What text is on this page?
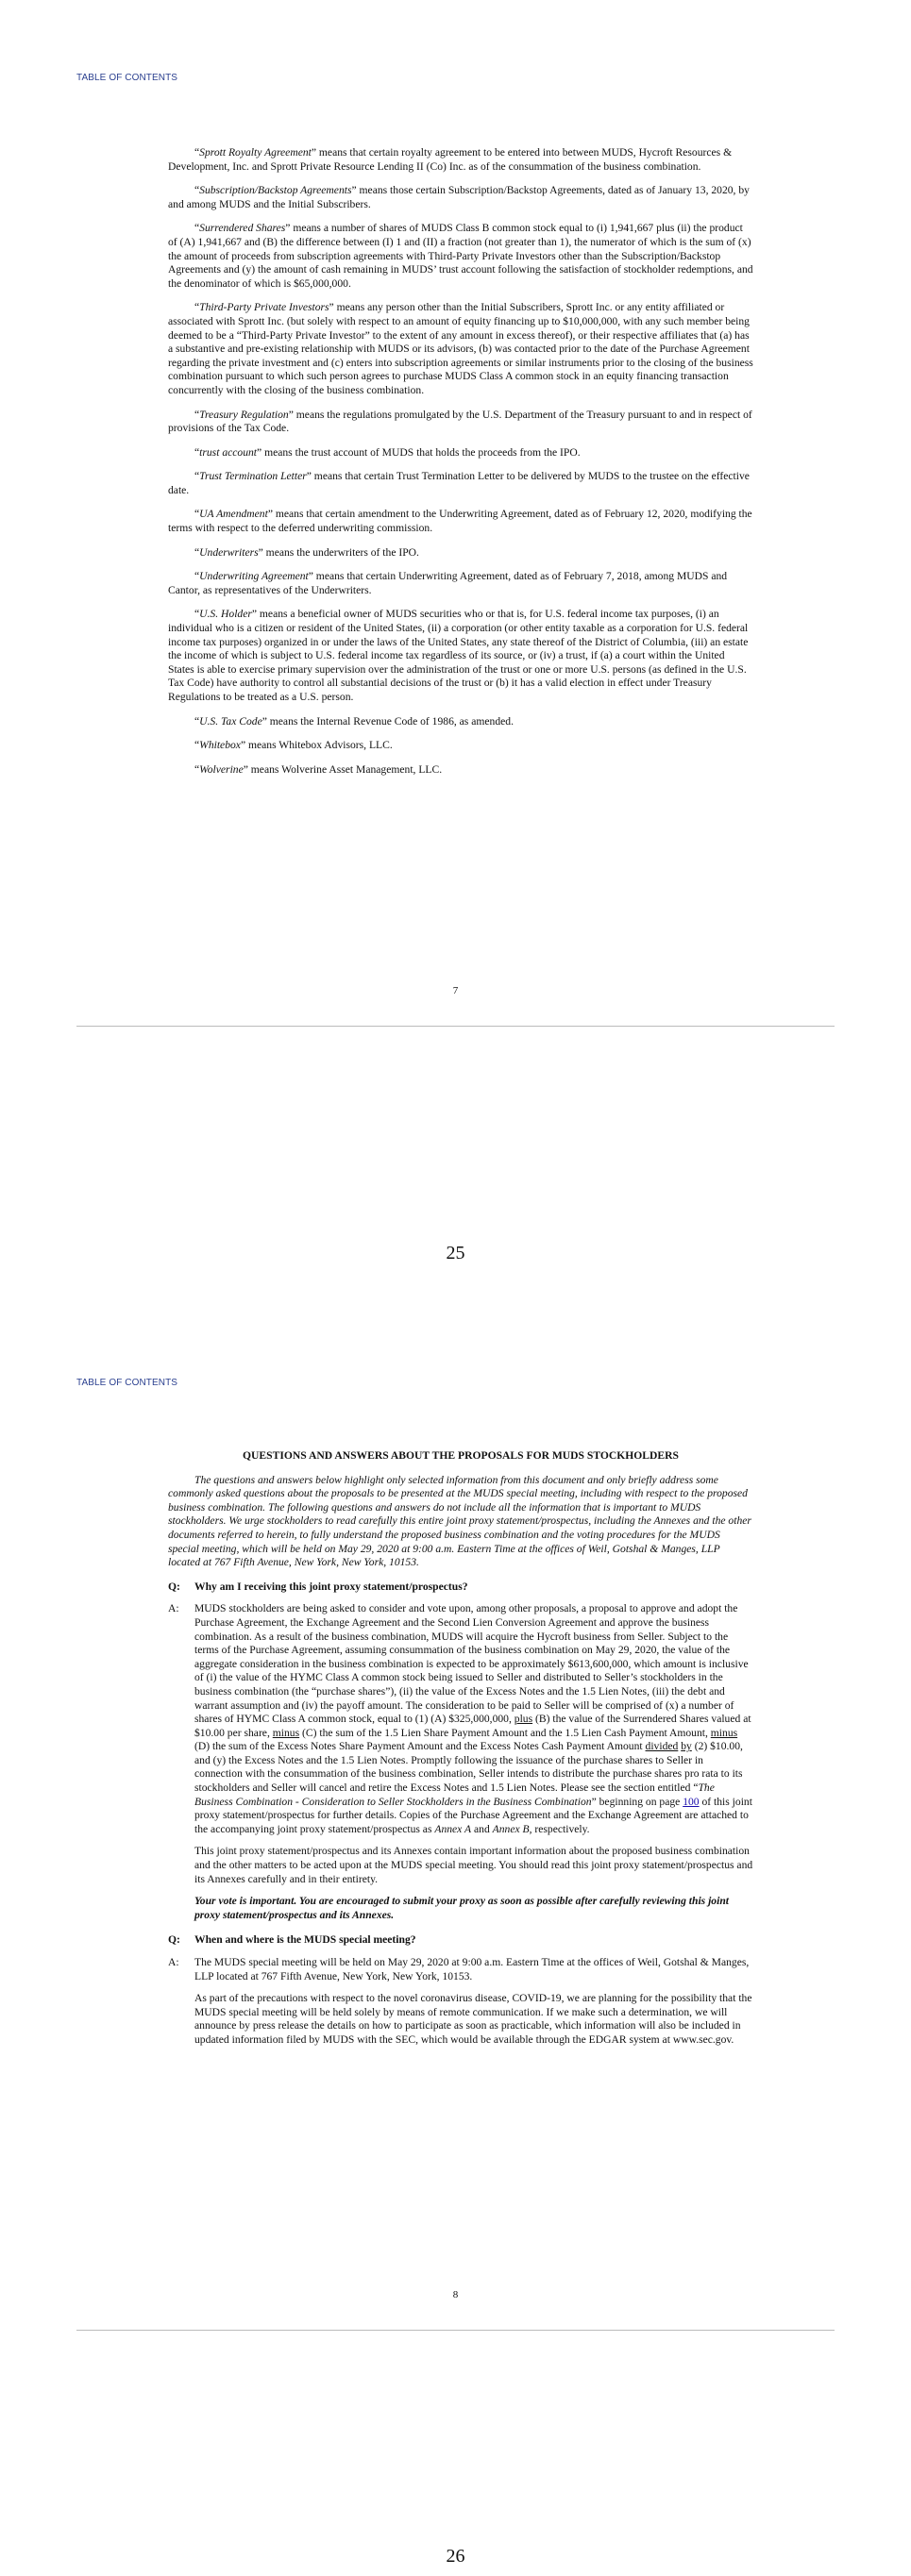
TABLE OF CONTENTS

“Sprott Royalty Agreement” means that certain royalty agreement to be entered into between MUDS, Hycroft Resources & Development, Inc. and Sprott Private Resource Lending II (Co) Inc. as of the consummation of the business combination.

“Subscription/Backstop Agreements” means those certain Subscription/Backstop Agreements, dated as of January 13, 2020, by and among MUDS and the Initial Subscribers.

“Surrendered Shares” means a number of shares of MUDS Class B common stock equal to (i) 1,941,667 plus (ii) the product of (A) 1,941,667 and (B) the difference between (I) 1 and (II) a fraction (not greater than 1), the numerator of which is the sum of (x) the amount of proceeds from subscription agreements with Third-Party Private Investors other than the Subscription/Backstop Agreements and (y) the amount of cash remaining in MUDS’ trust account following the satisfaction of stockholder redemptions, and the denominator of which is $65,000,000.

“Third-Party Private Investors” means any person other than the Initial Subscribers, Sprott Inc. or any entity affiliated or associated with Sprott Inc. (but solely with respect to an amount of equity financing up to $10,000,000, with any such member being deemed to be a “Third-Party Private Investor” to the extent of any amount in excess thereof), or their respective affiliates that (a) has a substantive and pre-existing relationship with MUDS or its advisors, (b) was contacted prior to the date of the Purchase Agreement regarding the private investment and (c) enters into subscription agreements or similar instruments prior to the closing of the business combination pursuant to which such person agrees to purchase MUDS Class A common stock in an equity financing transaction concurrently with the closing of the business combination.

“Treasury Regulation” means the regulations promulgated by the U.S. Department of the Treasury pursuant to and in respect of provisions of the Tax Code.

“trust account” means the trust account of MUDS that holds the proceeds from the IPO.

“Trust Termination Letter” means that certain Trust Termination Letter to be delivered by MUDS to the trustee on the effective date.

“UA Amendment” means that certain amendment to the Underwriting Agreement, dated as of February 12, 2020, modifying the terms with respect to the deferred underwriting commission.

“Underwriters” means the underwriters of the IPO.

“Underwriting Agreement” means that certain Underwriting Agreement, dated as of February 7, 2018, among MUDS and Cantor, as representatives of the Underwriters.

“U.S. Holder” means a beneficial owner of MUDS securities who or that is, for U.S. federal income tax purposes, (i) an individual who is a citizen or resident of the United States, (ii) a corporation (or other entity taxable as a corporation for U.S. federal income tax purposes) organized in or under the laws of the United States, any state thereof of the District of Columbia, (iii) an estate the income of which is subject to U.S. federal income tax regardless of its source, or (iv) a trust, if (a) a court within the United States is able to exercise primary supervision over the administration of the trust or one or more U.S. persons (as defined in the U.S. Tax Code) have authority to control all substantial decisions of the trust or (b) it has a valid election in effect under Treasury Regulations to be treated as a U.S. person.

“U.S. Tax Code” means the Internal Revenue Code of 1986, as amended.

“Whitebox” means Whitebox Advisors, LLC.

“Wolverine” means Wolverine Asset Management, LLC.

7
25
TABLE OF CONTENTS
QUESTIONS AND ANSWERS ABOUT THE PROPOSALS FOR MUDS STOCKHOLDERS

The questions and answers below highlight only selected information from this document and only briefly address some commonly asked questions about the proposals to be presented at the MUDS special meeting, including with respect to the proposed business combination. The following questions and answers do not include all the information that is important to MUDS stockholders. We urge stockholders to read carefully this entire joint proxy statement/prospectus, including the Annexes and the other documents referred to herein, to fully understand the proposed business combination and the voting procedures for the MUDS special meeting, which will be held on May 29, 2020 at 9:00 a.m. Eastern Time at the offices of Weil, Gotshal & Manges, LLP located at 767 Fifth Avenue, New York, New York, 10153.

Q:	Why am I receiving this joint proxy statement/prospectus?
A:	MUDS stockholders are being asked to consider and vote upon, among other proposals, a proposal to approve and adopt the Purchase Agreement, the Exchange Agreement and the Second Lien Conversion Agreement and approve the business combination. As a result of the business combination, MUDS will acquire the Hycroft business from Seller. Subject to the terms of the Purchase Agreement, assuming consummation of the business combination on May 29, 2020, the value of the aggregate consideration in the business combination is expected to be approximately $613,600,000, which amount is inclusive of (i) the value of the HYMC Class A common stock being issued to Seller and distributed to Seller’s stockholders in the business combination (the “purchase shares”), (ii) the value of the Excess Notes and the 1.5 Lien Notes, (iii) the debt and warrant assumption and (iv) the payoff amount. The consideration to be paid to Seller will be comprised of (x) a number of shares of HYMC Class A common stock, equal to (1) (A) $325,000,000, plus (B) the value of the Surrendered Shares valued at $10.00 per share, minus (C) the sum of the 1.5 Lien Share Payment Amount and the 1.5 Lien Cash Payment Amount, minus (D) the sum of the Excess Notes Share Payment Amount and the Excess Notes Cash Payment Amount divided by (2) $10.00, and (y) the Excess Notes and the 1.5 Lien Notes. Promptly following the issuance of the purchase shares to Seller in connection with the consummation of the business combination, Seller intends to distribute the purchase shares pro rata to its stockholders and Seller will cancel and retire the Excess Notes and 1.5 Lien Notes. Please see the section entitled “The Business Combination - Consideration to Seller Stockholders in the Business Combination” beginning on page 100 of this joint proxy statement/prospectus for further details. Copies of the Purchase Agreement and the Exchange Agreement are attached to the accompanying joint proxy statement/prospectus as Annex A and Annex B, respectively.
This joint proxy statement/prospectus and its Annexes contain important information about the proposed business combination and the other matters to be acted upon at the MUDS special meeting. You should read this joint proxy statement/prospectus and its Annexes carefully and in their entirety.
Your vote is important. You are encouraged to submit your proxy as soon as possible after carefully reviewing this joint proxy statement/prospectus and its Annexes.
Q:	When and where is the MUDS special meeting?
A:	The MUDS special meeting will be held on May 29, 2020 at 9:00 a.m. Eastern Time at the offices of Weil, Gotshal & Manges, LLP located at 767 Fifth Avenue, New York, New York, 10153.
As part of the precautions with respect to the novel coronavirus disease, COVID-19, we are planning for the possibility that the MUDS special meeting will be held solely by means of remote communication. If we make such a determination, we will announce by press release the details on how to participate as soon as practicable, which information will also be included in updated information filed by MUDS with the SEC, which would be available through the EDGAR system at www.sec.gov.
8
26
